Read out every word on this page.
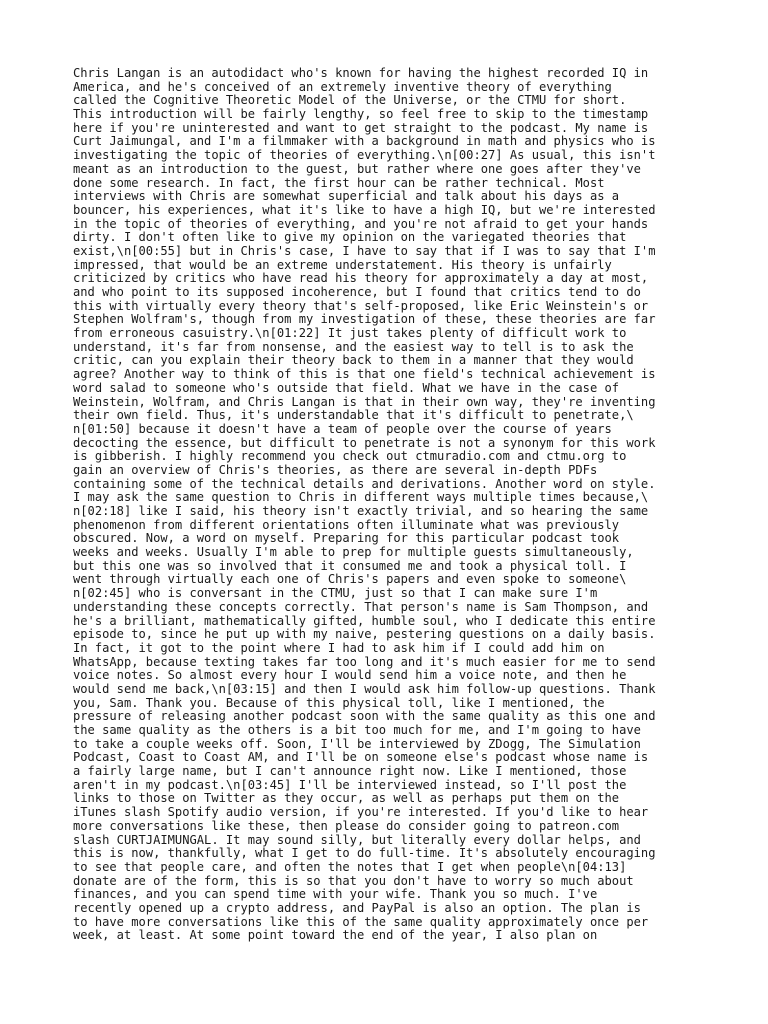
Chris Langan is an autodidact who's known for having the highest recorded IQ in
America, and he's conceived of an extremely inventive theory of everything
called the Cognitive Theoretic Model of the Universe, or the CTMU for short.
This introduction will be fairly lengthy, so feel free to skip to the timestamp
here if you're uninterested and want to get straight to the podcast. My name is
Curt Jaimungal, and I'm a filmmaker with a background in math and physics who is
investigating the topic of theories of everything.\n[00:27] As usual, this isn't
meant as an introduction to the guest, but rather where one goes after they've
done some research. In fact, the first hour can be rather technical. Most
interviews with Chris are somewhat superficial and talk about his days as a
bouncer, his experiences, what it's like to have a high IQ, but we're interested
in the topic of theories of everything, and you're not afraid to get your hands
dirty. I don't often like to give my opinion on the variegated theories that
exist,\n[00:55] but in Chris's case, I have to say that if I was to say that I'm
impressed, that would be an extreme understatement. His theory is unfairly
criticized by critics who have read his theory for approximately a day at most,
and who point to its supposed incoherence, but I found that critics tend to do
this with virtually every theory that's self-proposed, like Eric Weinstein's or
Stephen Wolfram's, though from my investigation of these, these theories are far
from erroneous casuistry.\n[01:22] It just takes plenty of difficult work to
understand, it's far from nonsense, and the easiest way to tell is to ask the
critic, can you explain their theory back to them in a manner that they would
agree? Another way to think of this is that one field's technical achievement is
word salad to someone who's outside that field. What we have in the case of
Weinstein, Wolfram, and Chris Langan is that in their own way, they're inventing
their own field. Thus, it's understandable that it's difficult to penetrate,\
n[01:50] because it doesn't have a team of people over the course of years
decocting the essence, but difficult to penetrate is not a synonym for this work
is gibberish. I highly recommend you check out ctmuradio.com and ctmu.org to
gain an overview of Chris's theories, as there are several in-depth PDFs
containing some of the technical details and derivations. Another word on style.
I may ask the same question to Chris in different ways multiple times because,\
n[02:18] like I said, his theory isn't exactly trivial, and so hearing the same
phenomenon from different orientations often illuminate what was previously
obscured. Now, a word on myself. Preparing for this particular podcast took
weeks and weeks. Usually I'm able to prep for multiple guests simultaneously,
but this one was so involved that it consumed me and took a physical toll. I
went through virtually each one of Chris's papers and even spoke to someone\
n[02:45] who is conversant in the CTMU, just so that I can make sure I'm
understanding these concepts correctly. That person's name is Sam Thompson, and
he's a brilliant, mathematically gifted, humble soul, who I dedicate this entire
episode to, since he put up with my naive, pestering questions on a daily basis.
In fact, it got to the point where I had to ask him if I could add him on
WhatsApp, because texting takes far too long and it's much easier for me to send
voice notes. So almost every hour I would send him a voice note, and then he
would send me back,\n[03:15] and then I would ask him follow-up questions. Thank
you, Sam. Thank you. Because of this physical toll, like I mentioned, the
pressure of releasing another podcast soon with the same quality as this one and
the same quality as the others is a bit too much for me, and I'm going to have
to take a couple weeks off. Soon, I'll be interviewed by ZDogg, The Simulation
Podcast, Coast to Coast AM, and I'll be on someone else's podcast whose name is
a fairly large name, but I can't announce right now. Like I mentioned, those
aren't in my podcast.\n[03:45] I'll be interviewed instead, so I'll post the
links to those on Twitter as they occur, as well as perhaps put them on the
iTunes slash Spotify audio version, if you're interested. If you'd like to hear
more conversations like these, then please do consider going to patreon.com
slash CURTJAIMUNGAL. It may sound silly, but literally every dollar helps, and
this is now, thankfully, what I get to do full-time. It's absolutely encouraging
to see that people care, and often the notes that I get when people\n[04:13]
donate are of the form, this is so that you don't have to worry so much about
finances, and you can spend time with your wife. Thank you so much. I've
recently opened up a crypto address, and PayPal is also an option. The plan is
to have more conversations like this of the same quality approximately once per
week, at least. At some point toward the end of the year, I also plan on
